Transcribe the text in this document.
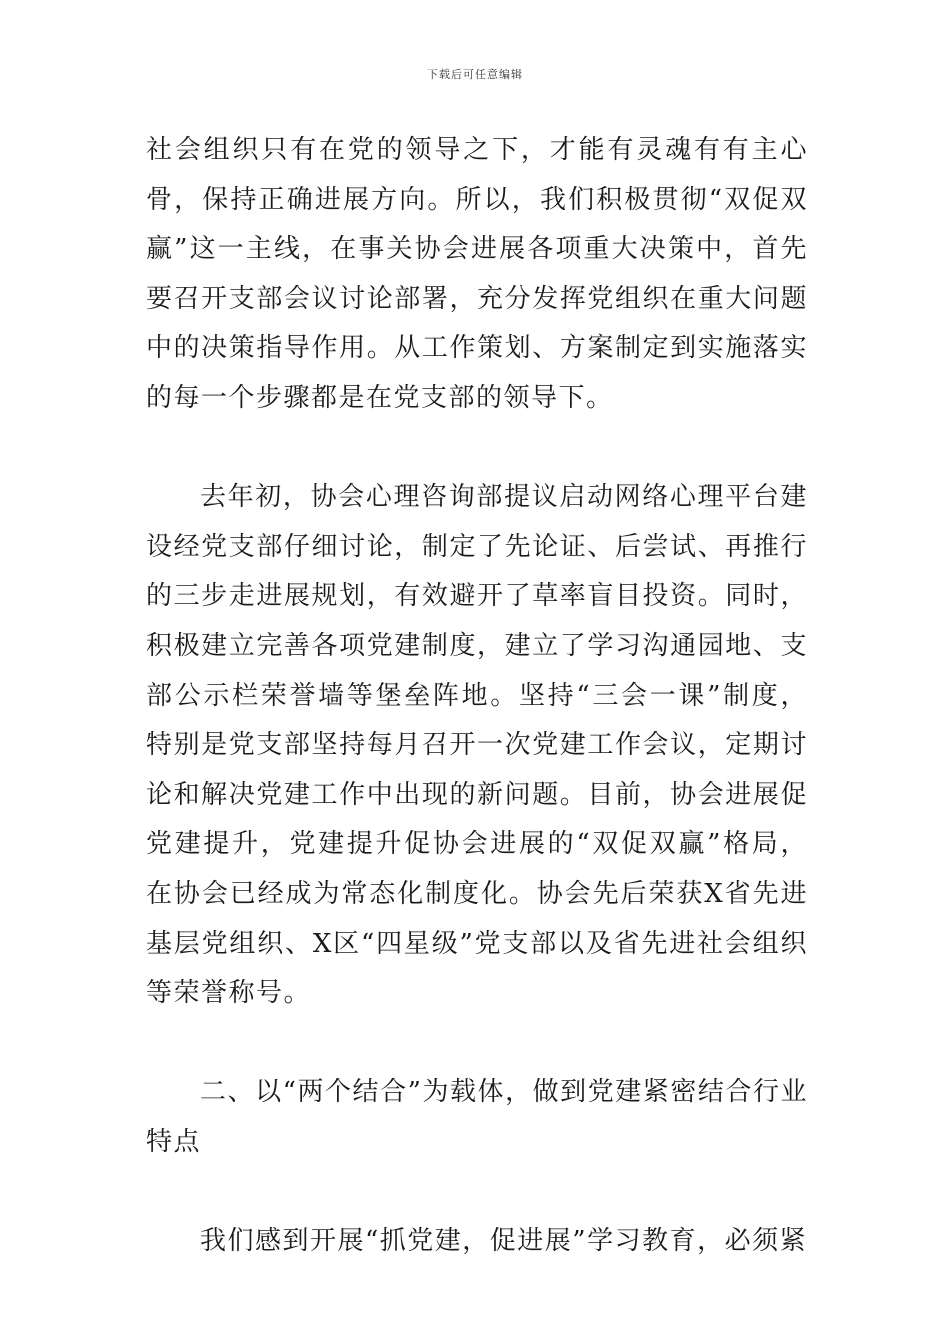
下载后可任意编辑

社会组织只有在党的领导之下，才能有灵魂有有主心骨，保持正确进展方向。所以，我们积极贯彻“双促双赢”这一主线，在事关协会进展各项重大决策中，首先要召开支部会议讨论部署，充分发挥党组织在重大问题中的决策指导作用。从工作策划、方案制定到实施落实的每一个步骤都是在党支部的领导下。

去年初，协会心理咨询部提议启动网络心理平台建设经党支部仔细讨论，制定了先论证、后尝试、再推行的三步走进展规划，有效避开了草率盲目投资。同时，积极建立完善各项党建制度，建立了学习沟通园地、支部公示栏荣誉墙等堡垒阵地。坚持“三会一课”制度，特别是党支部坚持每月召开一次党建工作会议，定期讨论和解决党建工作中出现的新问题。目前，协会进展促党建提升，党建提升促协会进展的“双促双赢”格局，在协会已经成为常态化制度化。协会先后荣获X省先进基层党组织、X区“四星级”党支部以及省先进社会组织等荣誉称号。

二、以“两个结合”为载体，做到党建紧密结合行业特点

我们感到开展“抓党建，促进展”学习教育，必须紧
